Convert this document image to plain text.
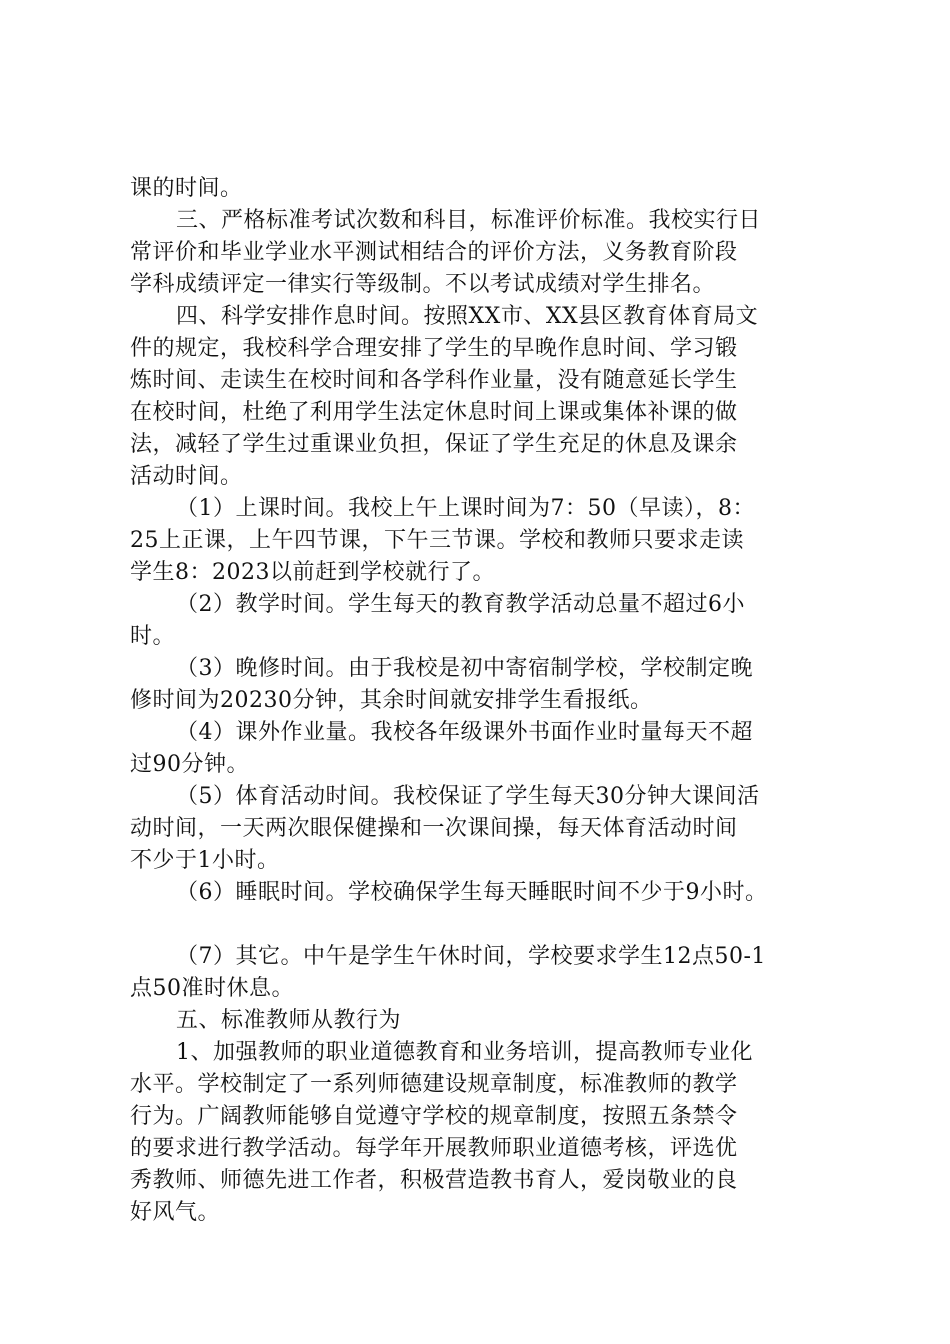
课的时间。
三、严格标准考试次数和科目，标准评价标准。我校实行日
常评价和毕业学业水平测试相结合的评价方法，义务教育阶段
学科成绩评定一律实行等级制。不以考试成绩对学生排名。
四、科学安排作息时间。按照XX市、XX县区教育体育局文
件的规定，我校科学合理安排了学生的早晚作息时间、学习锻
炼时间、走读生在校时间和各学科作业量，没有随意延长学生
在校时间，杜绝了利用学生法定休息时间上课或集体补课的做
法，减轻了学生过重课业负担，保证了学生充足的休息及课余
活动时间。
（1）上课时间。我校上午上课时间为7：50（早读），8：
25上正课，上午四节课，下午三节课。学校和教师只要求走读
学生8：2023以前赶到学校就行了。
（2）教学时间。学生每天的教育教学活动总量不超过6小
时。
（3）晚修时间。由于我校是初中寄宿制学校，学校制定晚
修时间为20230分钟，其余时间就安排学生看报纸。
（4）课外作业量。我校各年级课外书面作业时量每天不超
过90分钟。
（5）体育活动时间。我校保证了学生每天30分钟大课间活
动时间，一天两次眼保健操和一次课间操，每天体育活动时间
不少于1小时。
（6）睡眠时间。学校确保学生每天睡眠时间不少于9小时。
（7）其它。中午是学生午休时间，学校要求学生12点50-1
点50准时休息。
五、标准教师从教行为
1、加强教师的职业道德教育和业务培训，提高教师专业化
水平。学校制定了一系列师德建设规章制度，标准教师的教学
行为。广阔教师能够自觉遵守学校的规章制度，按照五条禁令
的要求进行教学活动。每学年开展教师职业道德考核，评选优
秀教师、师德先进工作者，积极营造教书育人，爱岗敬业的良
好风气。
